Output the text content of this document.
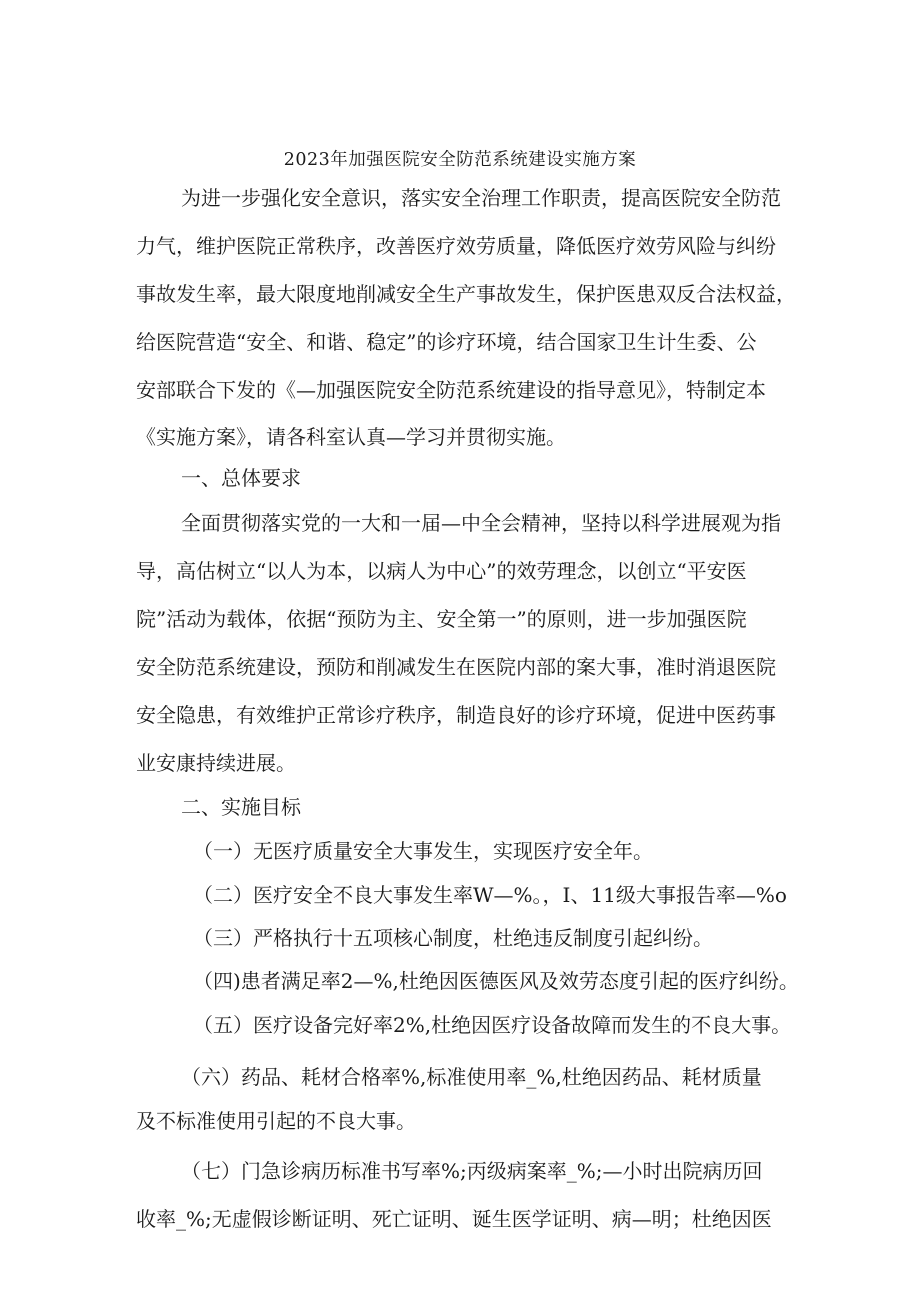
2023年加强医院安全防范系统建设实施方案
为进一步强化安全意识，落实安全治理工作职责，提高医院安全防范
力气，维护医院正常秩序，改善医疗效劳质量，降低医疗效劳风险与纠纷
事故发生率，最大限度地削减安全生产事故发生，保护医患双反合法权益，
给医院营造“安全、和谐、稳定”的诊疗环境，结合国家卫生计生委、公
安部联合下发的《—加强医院安全防范系统建设的指导意见》，特制定本
《实施方案》，请各科室认真—学习并贯彻实施。
一、总体要求
全面贯彻落实党的一大和一届—中全会精神，坚持以科学进展观为指
导，高估树立“以人为本，以病人为中心”的效劳理念，以创立“平安医
院”活动为载体，依据“预防为主、安全第一”的原则，进一步加强医院
安全防范系统建设，预防和削减发生在医院内部的案大事，准时消退医院
安全隐患，有效维护正常诊疗秩序，制造良好的诊疗环境，促进中医药事
业安康持续进展。
二、实施目标
（一）无医疗质量安全大事发生，实现医疗安全年。
（二）医疗安全不良大事发生率W—%。，I、11级大事报告率—%o
（三）严格执行十五项核心制度，杜绝违反制度引起纠纷。
（四)患者满足率2—%,杜绝因医德医风及效劳态度引起的医疗纠纷。
（五）医疗设备完好率2%,杜绝因医疗设备故障而发生的不良大事。
（六）药品、耗材合格率%,标准使用率_%,杜绝因药品、耗材质量
及不标准使用引起的不良大事。
（七）门急诊病历标准书写率%;丙级病案率_%;—小时出院病历回
收率_%;无虚假诊断证明、死亡证明、诞生医学证明、病—明；杜绝因医
